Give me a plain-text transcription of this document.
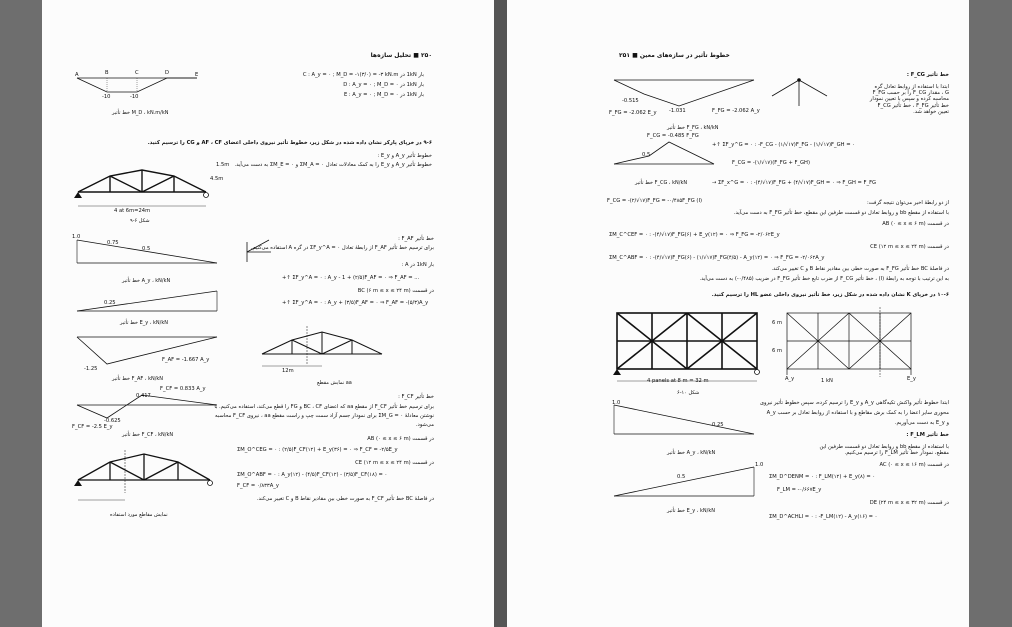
۲۵۰ ■ تحلیل سازه‌ها
A	B	C	D	E
-10	-10
خط تأثیر M_D ، kN.m/kN
بار 1kN در C : A_y = ۰ ; M_D = -۱(۳/۰) = -۳ kN.m
بار 1kN در D : A_y = ۰ ; M_D = ۰
بار 1kN در E : A_y = ۰ ; M_D = ۰
۹-۶ در خرپای پارکر نشان داده شده در شکل زیر، خطوط تأثیر نیروی داخلی اعضای AF ، CF و CG را ترسیم کنید.
خطوط تأثیر A_y و E_y :
خطوط تأثیر A_y و E_y را به کمک معادلات تعادل ΣM_A = ۰ و ΣM_E = ۰ به دست می‌آید.
1.5m
4.5m
4 at 6m=24m
شکل ۶-۹
1.0
0.75
0.5
خط تأثیر A_y ، kN/kN
خط تأثیر F_AF :
برای ترسیم خط تأثیر F_AF از رابطهٔ تعادل ΣF_y^A = ۰ در گره A استفاده می‌کنیم.
بار 1kN در A :
+↑ ΣF_y^A = ۰ : A_y - 1 + (۲/۵)F_AF = ۰ ⇒ F_AF = ...
در قسمت BC (۶ m ≤ x ≤ ۲۴ m)
+↑ ΣF_y^A = ۰ : A_y + (۳/۵)F_AF = ۰ ⇒ F_AF = -(۵/۳)A_y
0.25
خط تأثیر E_y ، kN/kN
-1.25
F_AF = -1.667 A_y
خط تأثیر F_AF ، kN/kN
12m
نمایش مقطع aa
خط تأثیر F_CF :
برای ترسیم خط تأثیر F_CF از مقطع aa که اعضای BC ، CF و FG را قطع می‌کند، استفاده می‌کنیم. با
نوشتن معادلهٔ ΣM_G = ۰ برای نمودار جسم آزاد سمت چپ و راست مقطع aa ، نیروی F_CF محاسبه
می‌شود.
F_CF = 0.833 A_y
0.417
-0.625
F_CF = -2.5 E_y
خط تأثیر F_CF ، kN/kN
در قسمت AB (۰ ≤ x ≤ ۶ m)
ΣM_O^CEG = ۰ : (۲/۵)F_CF(۱۲) + E_y(۳۶) = ۰ ⇒ F_CF = -۲/۵E_y
در قسمت CE (۱۲ m ≤ x ≤ ۲۴ m)
ΣM_O^ABF = ۰ : A_y(۱۲) - (۴/۵)F_CF(۱۲) - (۳/۵)F_CF(۱۸) = ۰
F_CF = ۰/۸۳۳A_y
در فاصلهٔ BC خط تأثیر F_CF به صورت خطی بین مقادیر نقاط B و C تغییر می‌کند.
نمایش مقاطع مورد استفاده
خطوط تأثیر در سازه‌های معین ■ ۲۵۱
-0.515
-1.031
F_FG = -2.062 E_y	F_FG = -2.062 A_y
خط تأثیر F_FG ، kN/kN
خط تأثیر F_CG :
ابتدا با استفاده از روابط تعادل گره G ، مقدار F_CG را بر حسب F_FG محاسبه کرده و سپس با تعیین نمودار خط تأثیر F_FG ، خط تأثیر F_CG تعیین خواهد شد.
+↑ ΣF_y^G = ۰ : -F_CG - (۱/√۱۷)F_FG - (۱/√۱۷)F_GH = ۰
F_CG = -(۱/√۱۷)(F_FG + F_GH)
→ ΣF_x^G = ۰ : -(۴/√۱۷)F_FG + (۴/√۱۷)F_GH = ۰ ⇒ F_GH = F_FG
F_CG = -(۲/√۱۷)F_FG = -۰/۴۸۵F_FG (I)
F_CG = -0.485 F_FG
0.5
خط تأثیر F_CG ، kN/kN
از دو رابطهٔ اخیر می‌توان نتیجه گرفت:
با استفاده از مقطع bb و روابط تعادل دو قسمت طرفین این مقطع، خط تأثیر F_FG به دست می‌آید.
در قسمت AB (۰ ≤ x ≤ ۶ m)
ΣM_C^CEF = ۰ : -(۴/√۱۷)F_FG(۶) + E_y(۱۲) = ۰ ⇒ F_FG = -۲/۰۶۲E_y
در قسمت CE (۱۲ m ≤ x ≤ ۲۴ m)
ΣM_C^ABF = ۰ : -(۴/√۱۷)F_FG(۶) - (۱/√۱۷)F_FG(۴/۵) - A_y(۱۲) = ۰ ⇒ F_FG = -۲/۰۶۲A_y
در فاصلهٔ BC خط تأثیر F_FG به صورت خطی بین مقادیر نقاط B و C تغییر می‌کند.
به این ترتیب با توجه به رابطهٔ (I) ، خط تأثیر F_CG از ضرب تابع خط تأثیر F_FG در ضریب (۰/۴۸۵-) به دست می‌آید.
۱۰-۶ در خرپای K نشان داده شده در شکل زیر، خط تأثیر نیروی داخلی عضو HL را ترسیم کنید.
6 m
6 m
4 panels at 8 m = 32 m
شکل ۱۰-۶
1 kN
A_y	E_y
1.0
0.25
خط تأثیر A_y ، kN/kN
1.0
0.5
خط تأثیر E_y ، kN/kN
ابتدا خطوط تأثیر واکنش تکیه‌گاهی A_y و E_y را ترسیم کرده، سپس خطوط تأثیر نیروی
محوری سایر اعضا را به کمک برش مقاطع و با استفاده از روابط تعادل بر حسب A_y
و E_y به دست می‌آوریم.
خط تأثیر F_LM :
با استفاده از مقطع bb و روابط تعادل دو قسمت طرفین این مقطع، نمودار خط تأثیر F_LM را ترسیم می‌کنیم.
در قسمت AC (۰ ≤ x ≤ ۱۶ m)
ΣM_D^DENM = ۰ : F_LM(۱۲) + E_y(۸) = ۰
F_LM = -۰/۶۶۷E_y
در قسمت DE (۲۴ m ≤ x ≤ ۳۲ m)
ΣM_D^ACHLI = ۰ : -F_LM(۱۲) - A_y(۱۶) = ۰
